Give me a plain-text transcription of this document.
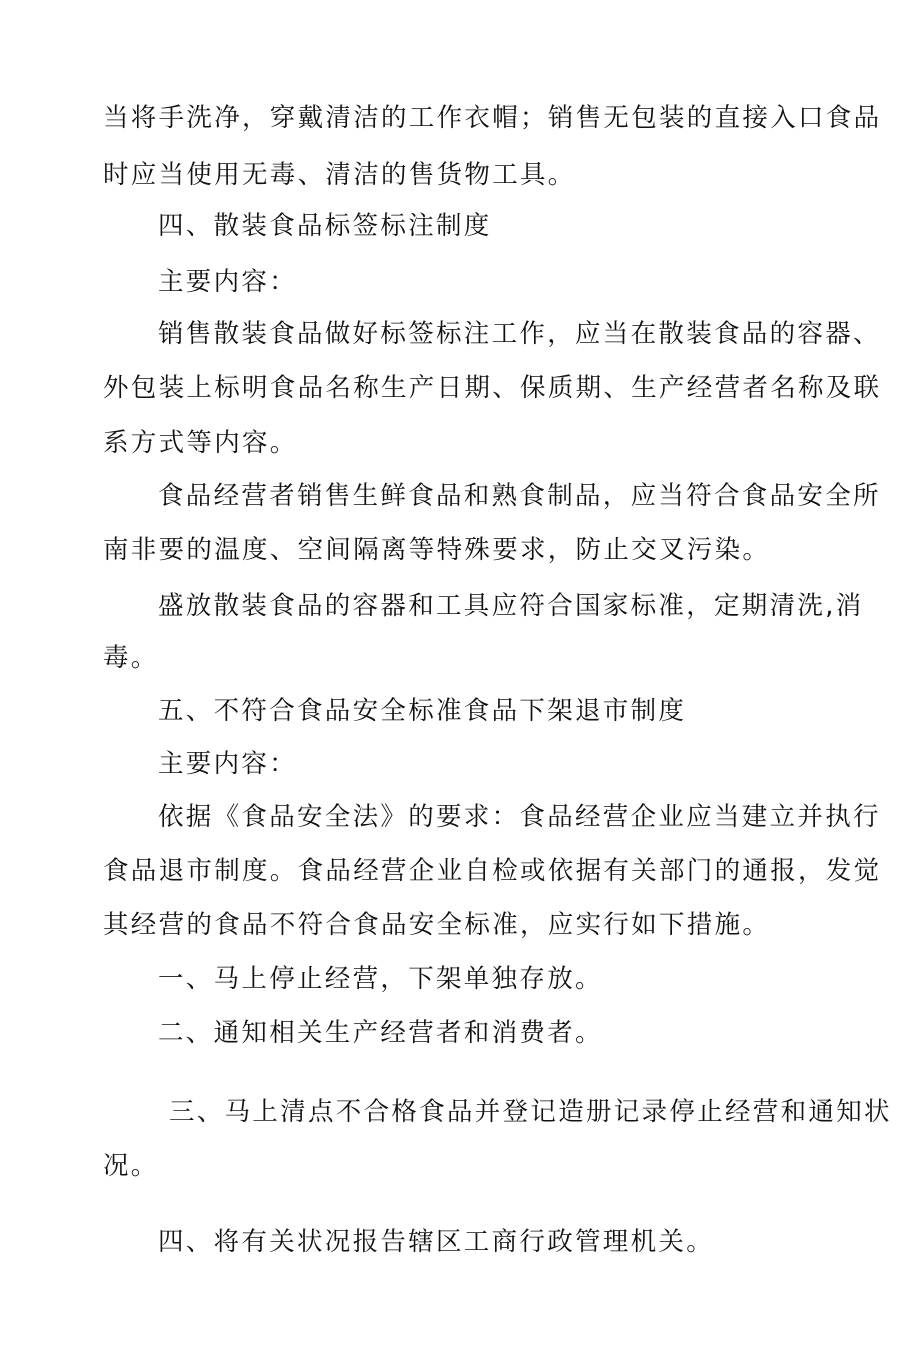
当将手洗净，穿戴清洁的工作衣帽；销售无包装的直接入口食品
时应当使用无毒、清洁的售货物工具。
四、散装食品标签标注制度
主要内容：
销售散装食品做好标签标注工作，应当在散装食品的容器、
外包装上标明食品名称生产日期、保质期、生产经营者名称及联
系方式等内容。
食品经营者销售生鲜食品和熟食制品，应当符合食品安全所
南非要的温度、空间隔离等特殊要求，防止交叉污染。
盛放散装食品的容器和工具应符合国家标准，定期清洗,消
毒。
五、不符合食品安全标准食品下架退市制度
主要内容：
依据《食品安全法》的要求：食品经营企业应当建立并执行
食品退市制度。食品经营企业自检或依据有关部门的通报，发觉
其经营的食品不符合食品安全标准，应实行如下措施。
一、马上停止经营，下架单独存放。
二、通知相关生产经营者和消费者。
三、马上清点不合格食品并登记造册记录停止经营和通知状
况。
四、将有关状况报告辖区工商行政管理机关。
